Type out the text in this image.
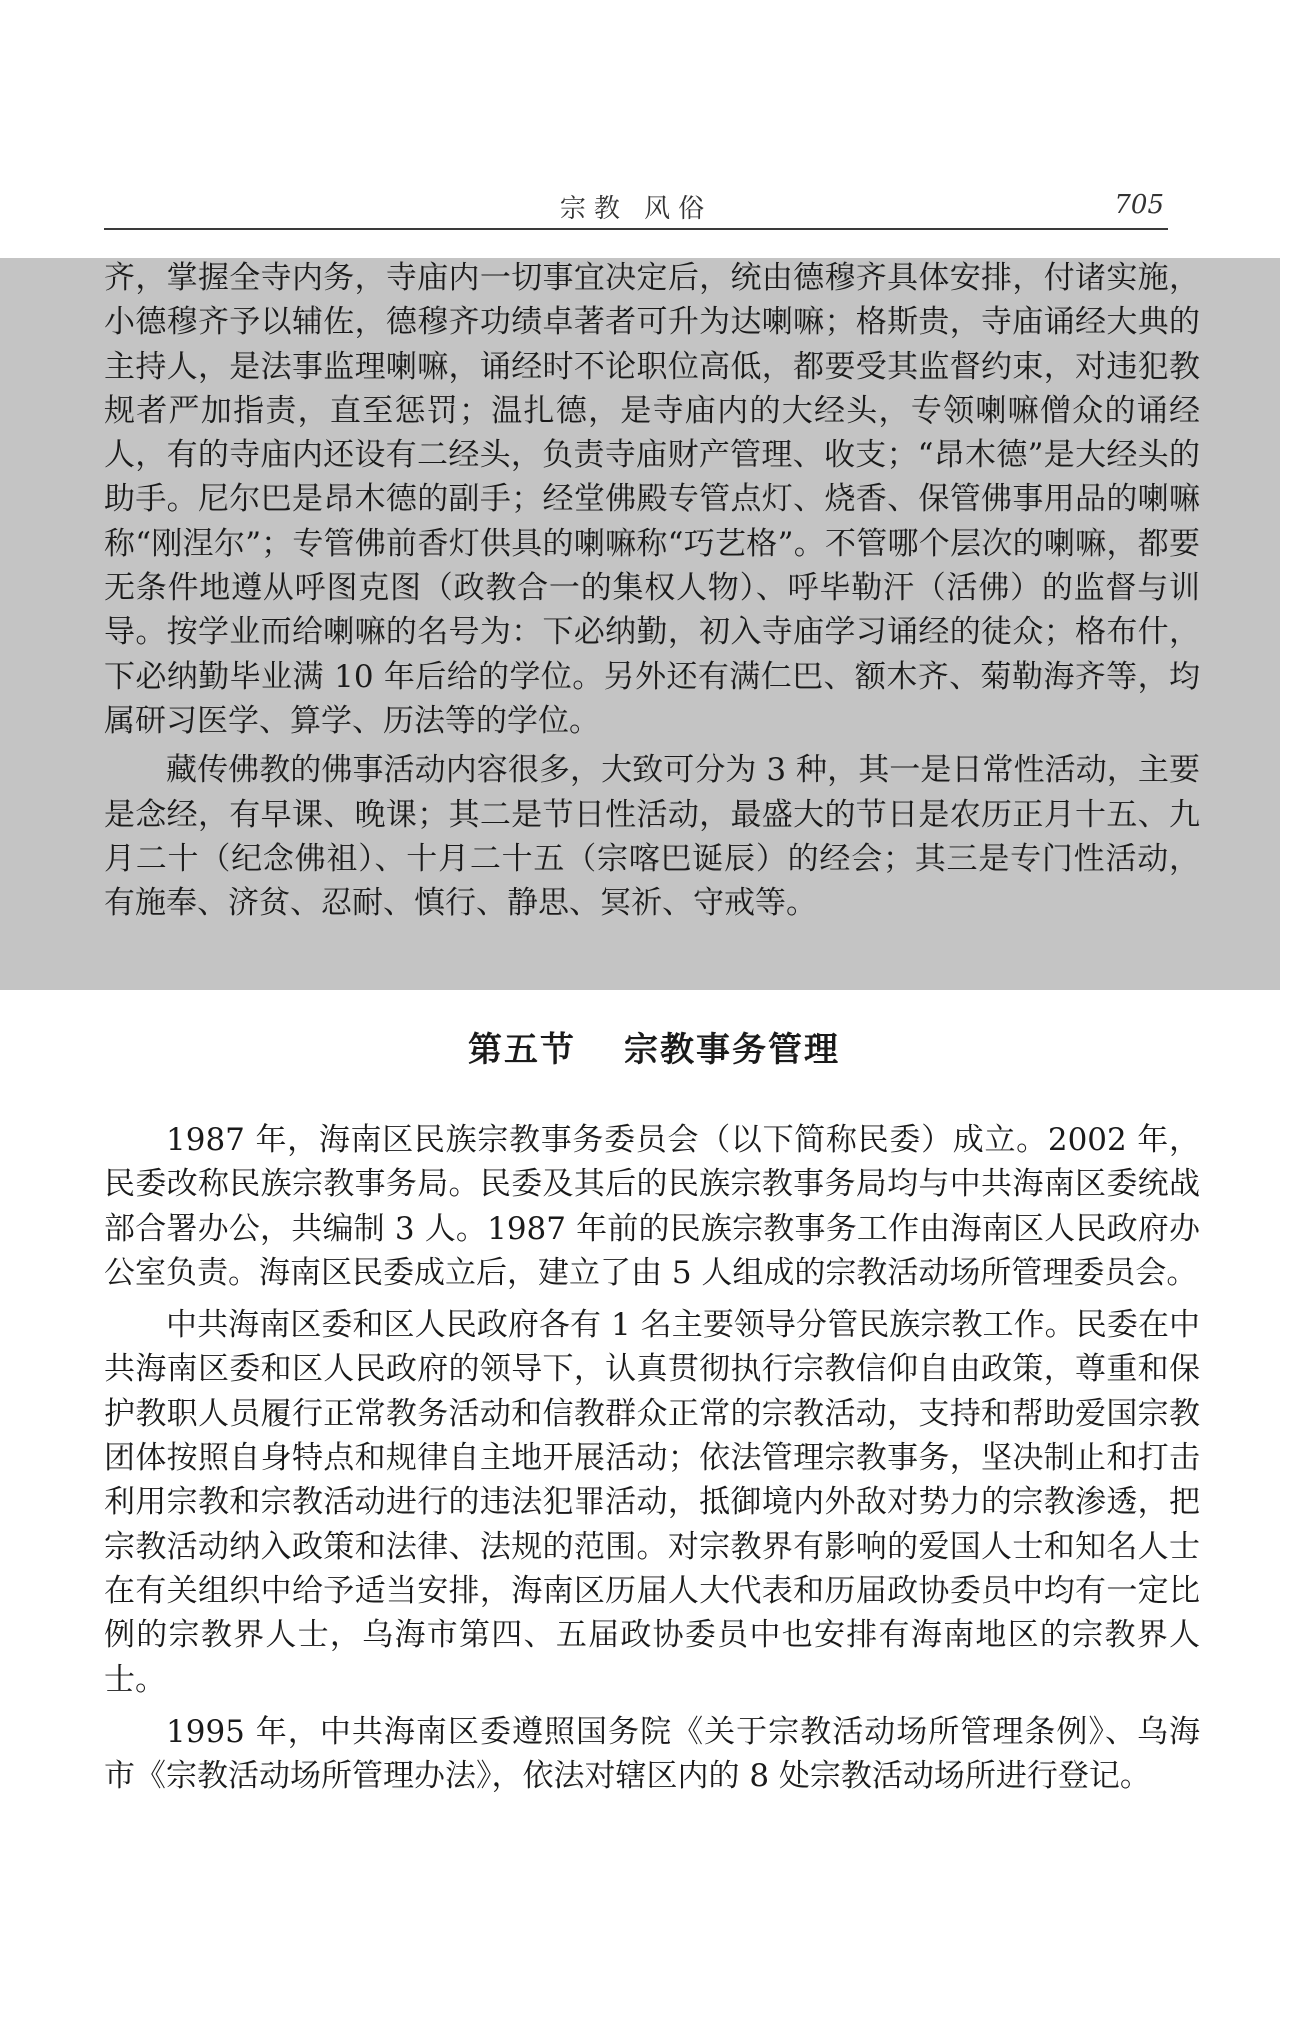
宗教 风俗	705

齐，掌握全寺内务，寺庙内一切事宜决定后，统由德穆齐具体安排，付诸实施，小德穆齐予以辅佐，德穆齐功绩卓著者可升为达喇嘛；格斯贵，寺庙诵经大典的主持人，是法事监理喇嘛，诵经时不论职位高低，都要受其监督约束，对违犯教规者严加指责，直至惩罚；温扎德，是寺庙内的大经头，专领喇嘛僧众的诵经人，有的寺庙内还设有二经头，负责寺庙财产管理、收支；“昂木德”是大经头的助手。尼尔巴是昂木德的副手；经堂佛殿专管点灯、烧香、保管佛事用品的喇嘛称“刚涅尔”；专管佛前香灯供具的喇嘛称“巧艺格”。不管哪个层次的喇嘛，都要无条件地遵从呼图克图（政教合一的集权人物）、呼毕勒汗（活佛）的监督与训导。按学业而给喇嘛的名号为：下必纳勤，初入寺庙学习诵经的徒众；格布什，下必纳勤毕业满 10 年后给的学位。另外还有满仁巴、额木齐、菊勒海齐等，均属研习医学、算学、历法等的学位。

藏传佛教的佛事活动内容很多，大致可分为 3 种，其一是日常性活动，主要是念经，有早课、晚课；其二是节日性活动，最盛大的节日是农历正月十五、九月二十（纪念佛祖）、十月二十五（宗喀巴诞辰）的经会；其三是专门性活动，有施奉、济贫、忍耐、慎行、静思、冥祈、守戒等。

第五节 宗教事务管理

1987 年，海南区民族宗教事务委员会（以下简称民委）成立。2002 年，民委改称民族宗教事务局。民委及其后的民族宗教事务局均与中共海南区委统战部合署办公，共编制 3 人。1987 年前的民族宗教事务工作由海南区人民政府办公室负责。海南区民委成立后，建立了由 5 人组成的宗教活动场所管理委员会。

中共海南区委和区人民政府各有 1 名主要领导分管民族宗教工作。民委在中共海南区委和区人民政府的领导下，认真贯彻执行宗教信仰自由政策，尊重和保护教职人员履行正常教务活动和信教群众正常的宗教活动，支持和帮助爱国宗教团体按照自身特点和规律自主地开展活动；依法管理宗教事务，坚决制止和打击利用宗教和宗教活动进行的违法犯罪活动，抵御境内外敌对势力的宗教渗透，把宗教活动纳入政策和法律、法规的范围。对宗教界有影响的爱国人士和知名人士在有关组织中给予适当安排，海南区历届人大代表和历届政协委员中均有一定比例的宗教界人士，乌海市第四、五届政协委员中也安排有海南地区的宗教界人士。

1995 年，中共海南区委遵照国务院《关于宗教活动场所管理条例》、乌海市《宗教活动场所管理办法》，依法对辖区内的 8 处宗教活动场所进行登记。
